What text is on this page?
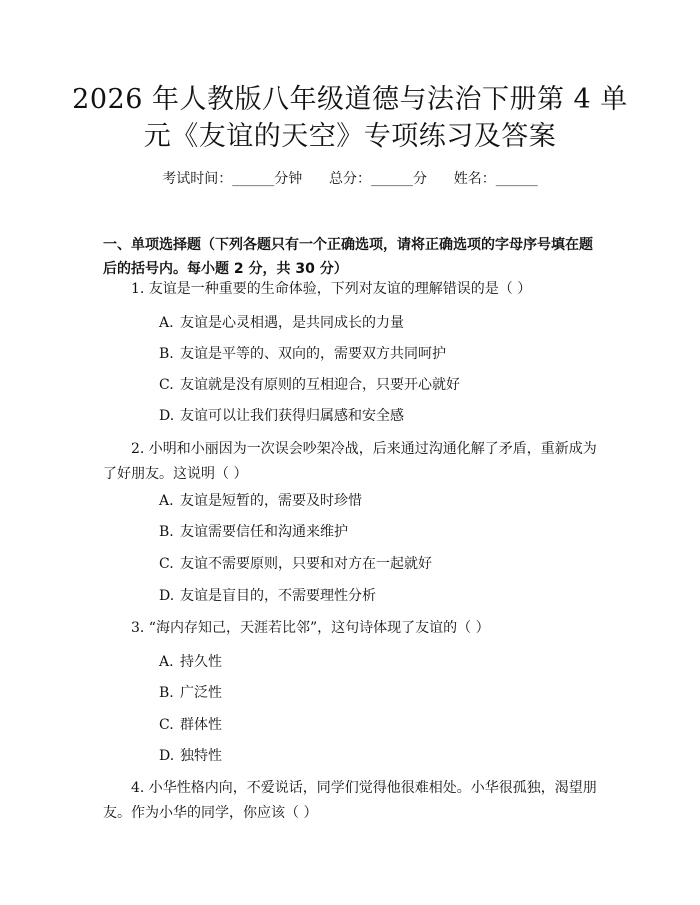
2026 年人教版八年级道德与法治下册第 4 单
元《友谊的天空》专项练习及答案
考试时间：______分钟      总分：______分      姓名：______
一、单项选择题（下列各题只有一个正确选项，请将正确选项的字母序号填在题后的括号内。每小题 2 分，共 30 分）
1. 友谊是一种重要的生命体验，下列对友谊的理解错误的是（ ）
A. 友谊是心灵相遇，是共同成长的力量
B. 友谊是平等的、双向的，需要双方共同呵护
C. 友谊就是没有原则的互相迎合，只要开心就好
D. 友谊可以让我们获得归属感和安全感
2. 小明和小丽因为一次误会吵架冷战，后来通过沟通化解了矛盾，重新成为了好朋友。这说明（ ）
A. 友谊是短暂的，需要及时珍惜
B. 友谊需要信任和沟通来维护
C. 友谊不需要原则，只要和对方在一起就好
D. 友谊是盲目的，不需要理性分析
3. “海内存知己，天涯若比邻”，这句诗体现了友谊的（ ）
A. 持久性
B. 广泛性
C. 群体性
D. 独特性
4. 小华性格内向，不爱说话，同学们觉得他很难相处。小华很孤独，渴望朋友。作为小华的同学，你应该（ ）
